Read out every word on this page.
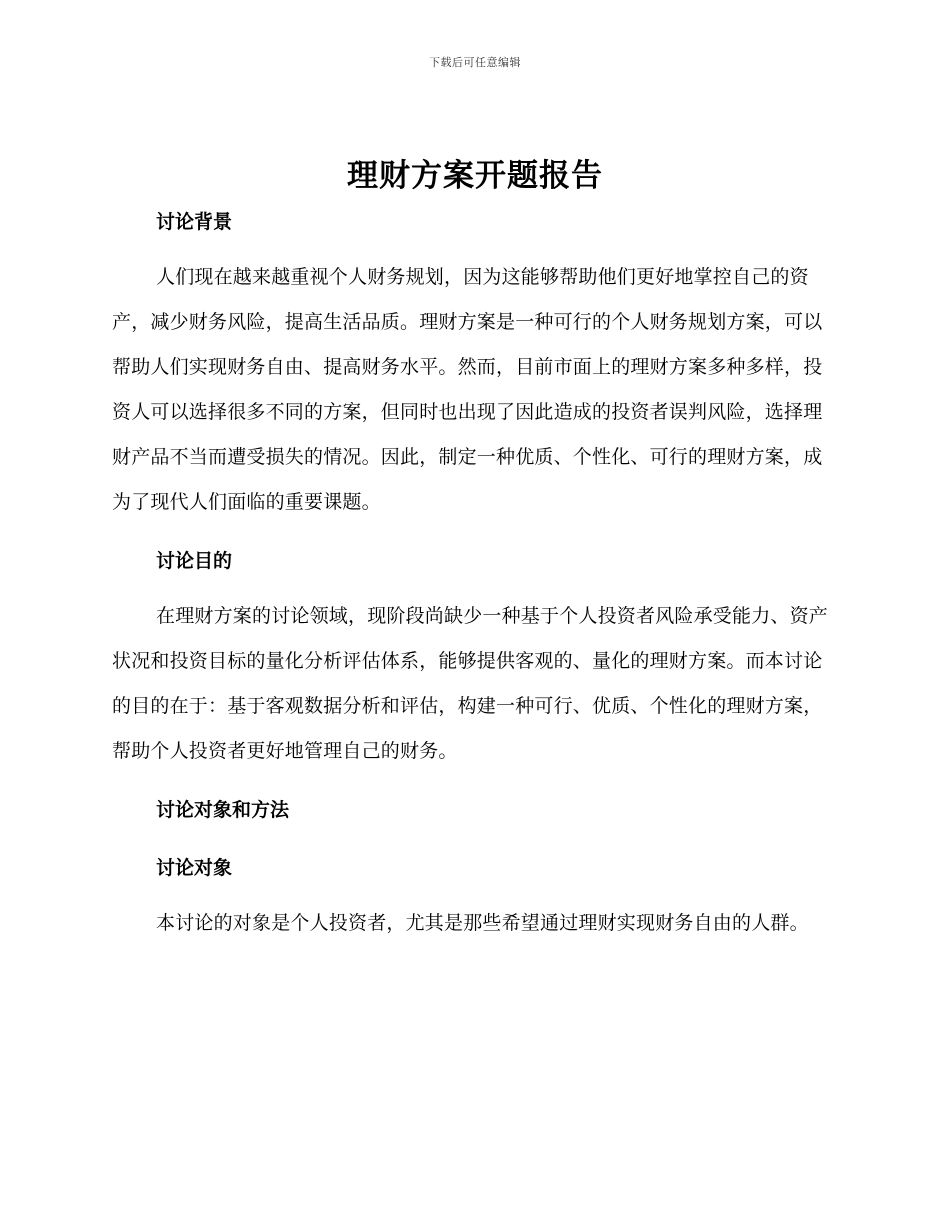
下载后可任意编辑
理财方案开题报告

讨论背景

人们现在越来越重视个人财务规划，因为这能够帮助他们更好地掌控自己的资产，减少财务风险，提高生活品质。理财方案是一种可行的个人财务规划方案，可以帮助人们实现财务自由、提高财务水平。然而，目前市面上的理财方案多种多样，投资人可以选择很多不同的方案，但同时也出现了因此造成的投资者误判风险，选择理财产品不当而遭受损失的情况。因此，制定一种优质、个性化、可行的理财方案，成为了现代人们面临的重要课题。

讨论目的

在理财方案的讨论领域，现阶段尚缺少一种基于个人投资者风险承受能力、资产状况和投资目标的量化分析评估体系，能够提供客观的、量化的理财方案。而本讨论的目的在于：基于客观数据分析和评估，构建一种可行、优质、个性化的理财方案，帮助个人投资者更好地管理自己的财务。

讨论对象和方法

讨论对象

本讨论的对象是个人投资者，尤其是那些希望通过理财实现财务自由的人群。
